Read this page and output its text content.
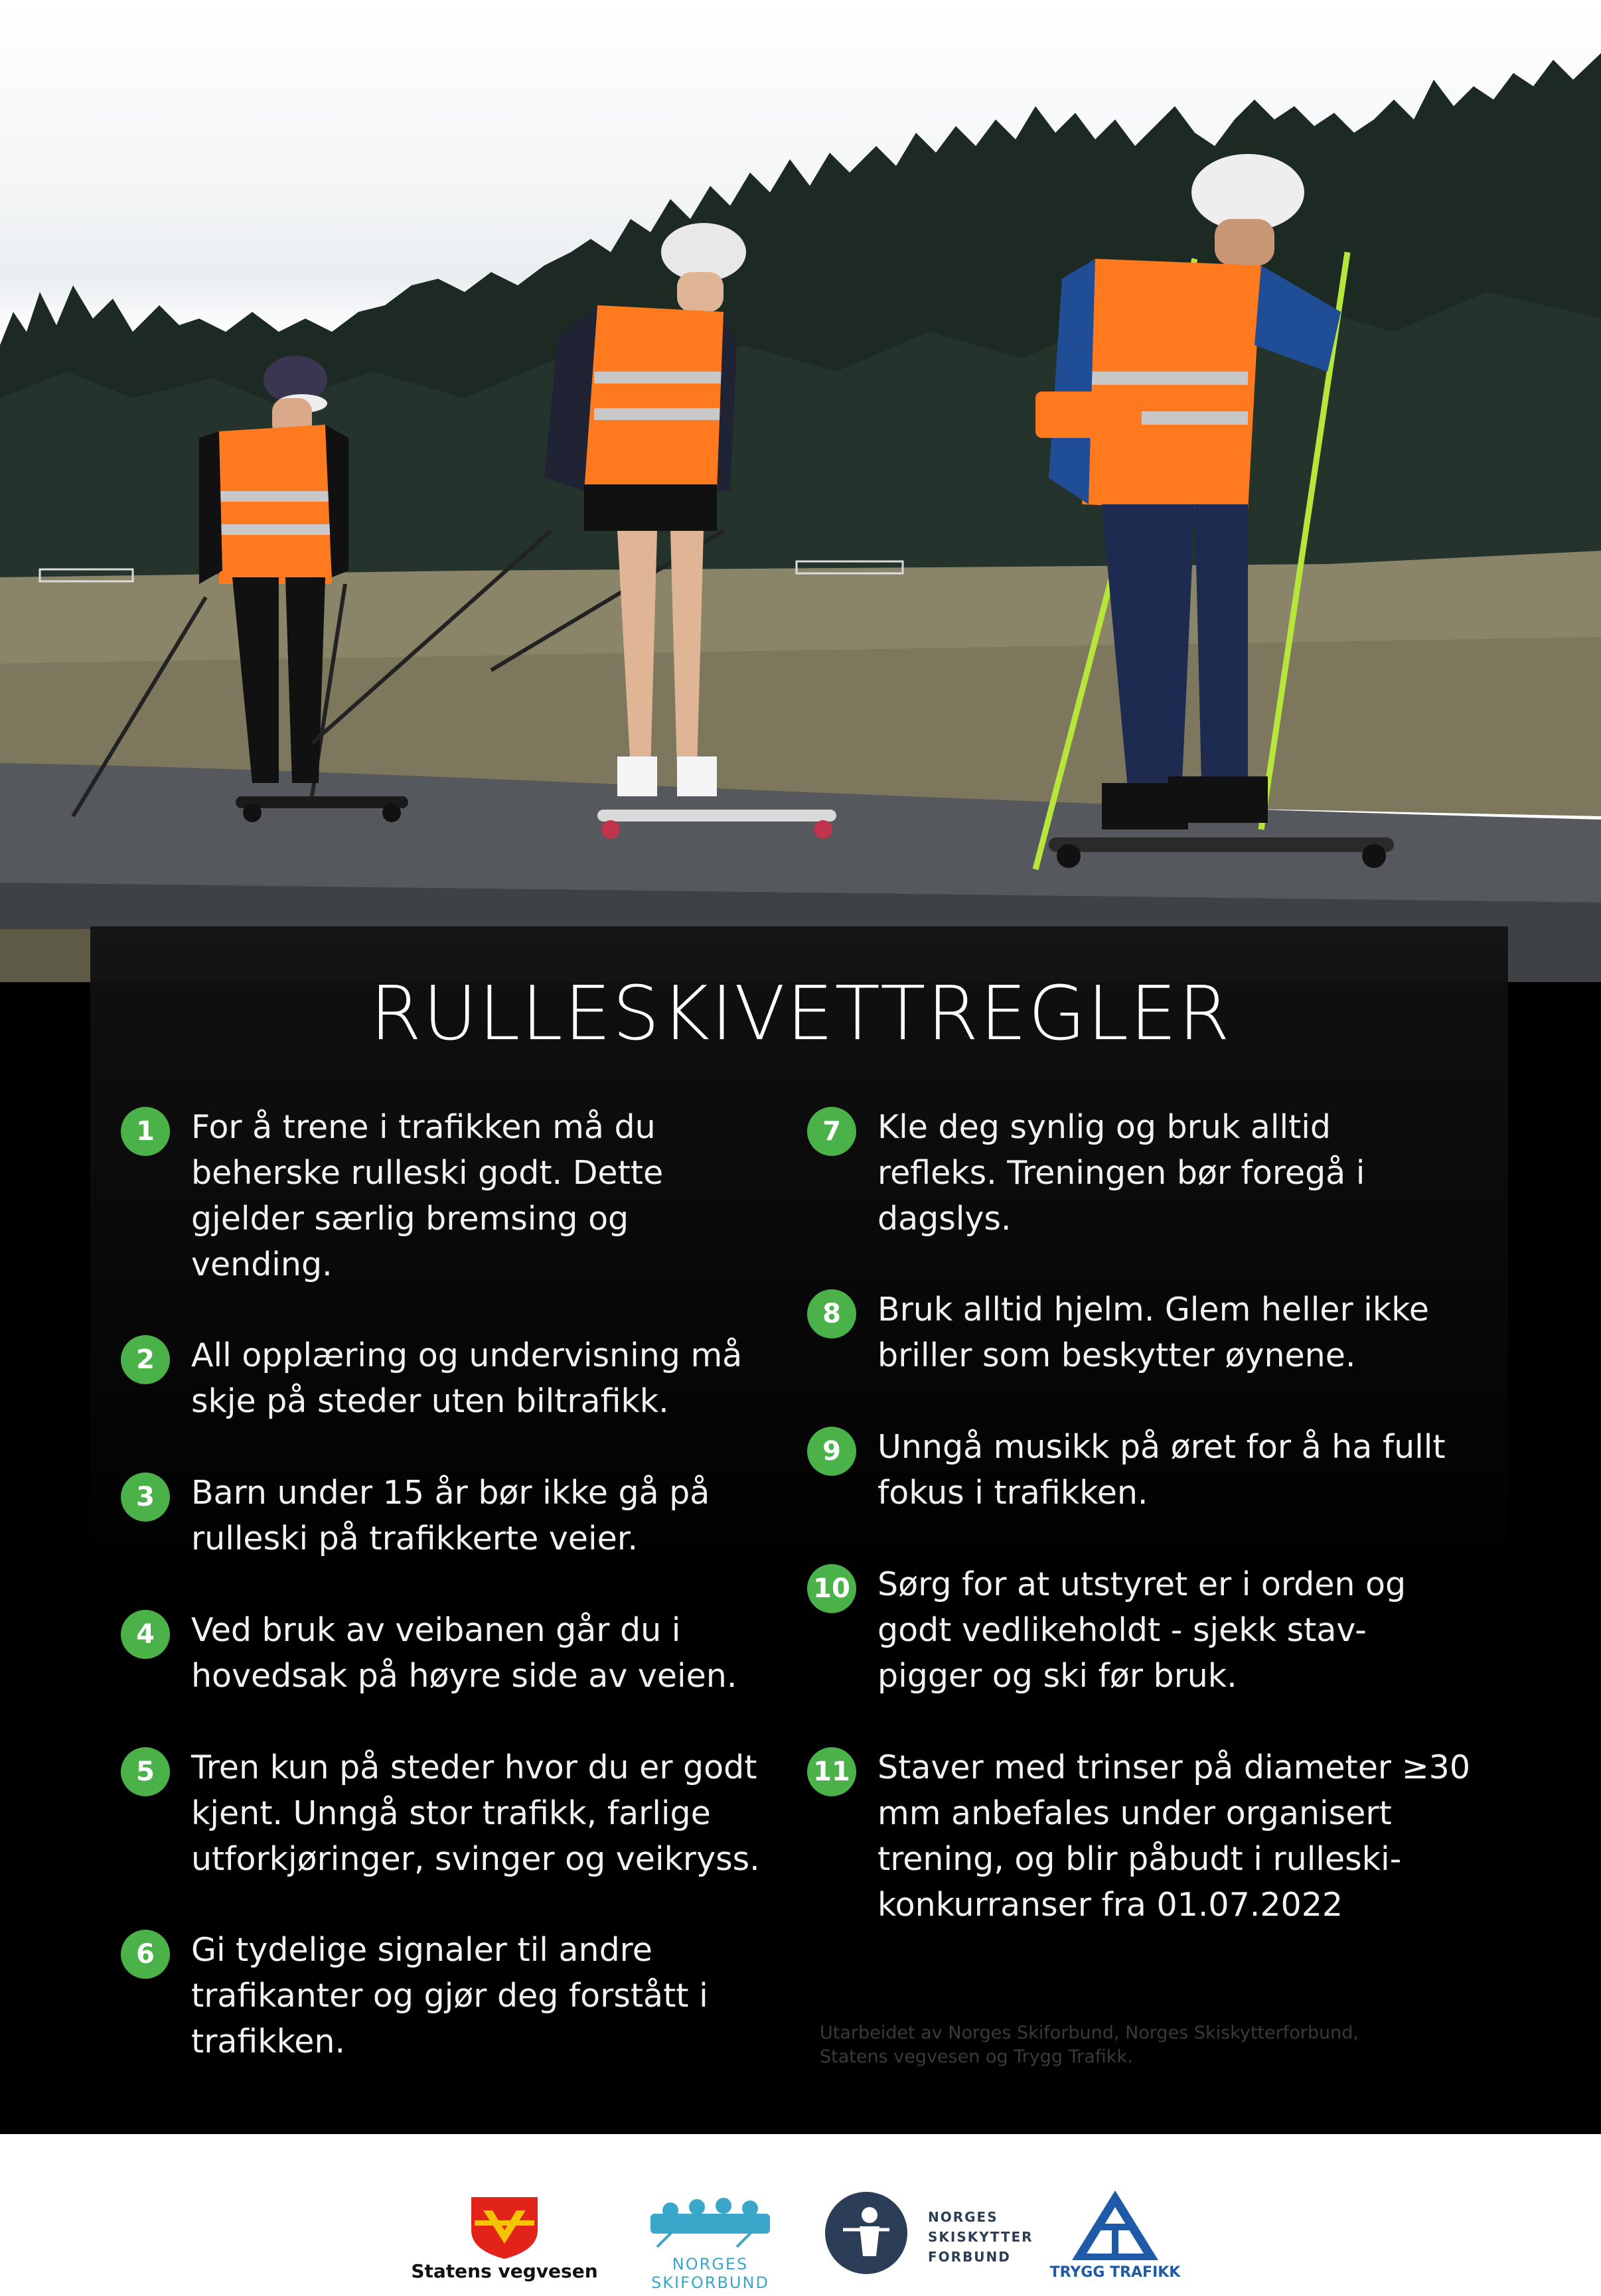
RULLESKIVETTREGLER
1	For å trene i trafikken må du
beherske rulleski godt. Dette
gjelder særlig bremsing og
vending.
2	All opplæring og undervisning må
skje på steder uten biltrafikk.
3	Barn under 15 år bør ikke gå på
rulleski på trafikkerte veier.
4	Ved bruk av veibanen går du i
hovedsak på høyre side av veien.
5	Tren kun på steder hvor du er godt
kjent. Unngå stor trafikk, farlige
utforkjøringer, svinger og veikryss.
6	Gi tydelige signaler til andre
trafikanter og gjør deg forstått i
trafikken.
7	Kle deg synlig og bruk alltid
refleks. Treningen bør foregå i
dagslys.
8	Bruk alltid hjelm. Glem heller ikke
briller som beskytter øynene.
9	Unngå musikk på øret for å ha fullt
fokus i trafikken.
10 Sørg for at utstyret er i orden og
godt vedlikeholdt - sjekk stav-
pigger og ski før bruk.
11 Staver med trinser på diameter ≥30
mm anbefales under organisert
trening, og blir påbudt i rulleski-
konkurranser fra 01.07.2022
Utarbeidet av Norges Skiforbund, Norges Skiskytterforbund,
Statens vegvesen og Trygg Trafikk.
Statens vegvesen	NORGES SKIFORBUND
NORGES
SKISKYTTER
FORBUND
TRYGG TRAFIKK
